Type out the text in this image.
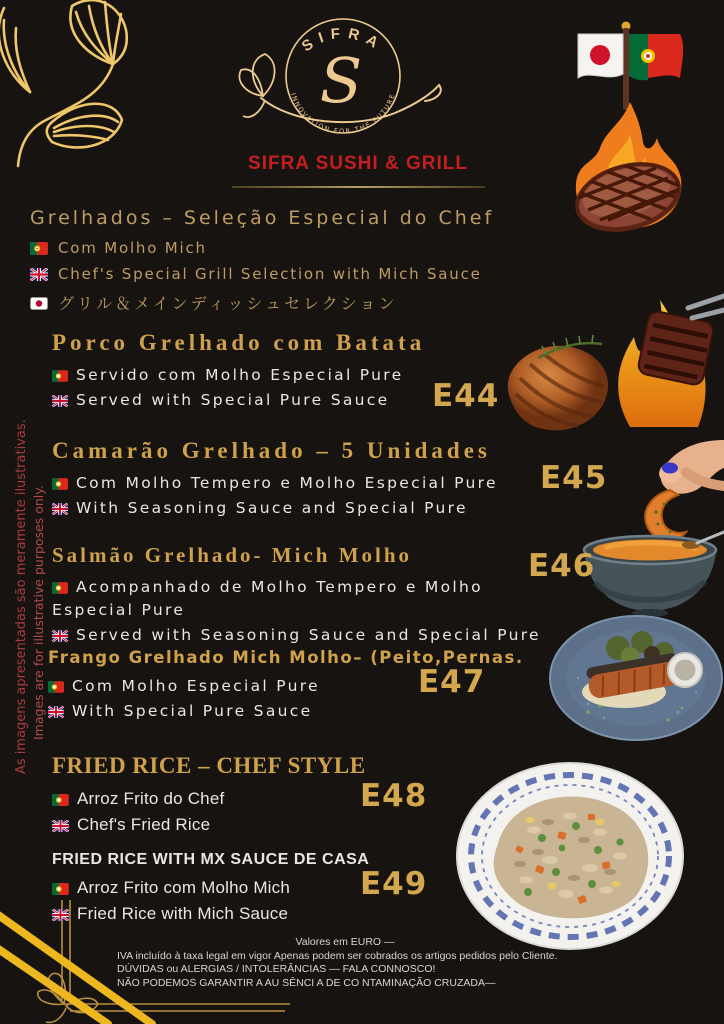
SIFRA
INNOVATION FOR THE FUTURE
S
SIFRA SUSHI & GRILL
Grelhados – Seleção Especial do Chef
Com Molho Mich
Chef's Special Grill Selection with Mich Sauce
グリル＆メインディッシュセレクション
Porco Grelhado com Batata
Servido com Molho Especial Pure
Served with Special Pure Sauce	E44
Camarão Grelhado – 5 Unidades
Com Molho Tempero e Molho Especial Pure
With Seasoning Sauce and Special Pure
E45
Salmão Grelhado- Mich Molho
Acompanhado de Molho Tempero e Molho Especial Pure
Served with Seasoning Sauce and Special Pure
E46
Frango Grelhado Mich Molho– (Peito,Pernas.
Com Molho Especial Pure
With Special Pure Sauce
E47
FRIED RICE – CHEF STYLE
Arroz Frito do Chef
Chef's Fried Rice
E48
FRIED RICE WITH MX SAUCE DE CASA
Arroz Frito com Molho Mich
Fried Rice with Mich Sauce
E49
As imagens apresentadas são meramente ilustrativas. Images are for illustrative purposes only.
Valores em EURO —
IVA incluído à taxa legal em vigor Apenas podem ser cobrados os artigos pedidos pelo Cliente.
DÚVIDAS ou ALERGIAS / INTOLERÂNCIAS — FALA CONNOSCO!
NÃO PODEMOS GARANTIR A AU SÊNCI A DE CO NTAMINAÇÃO CRUZADA—
